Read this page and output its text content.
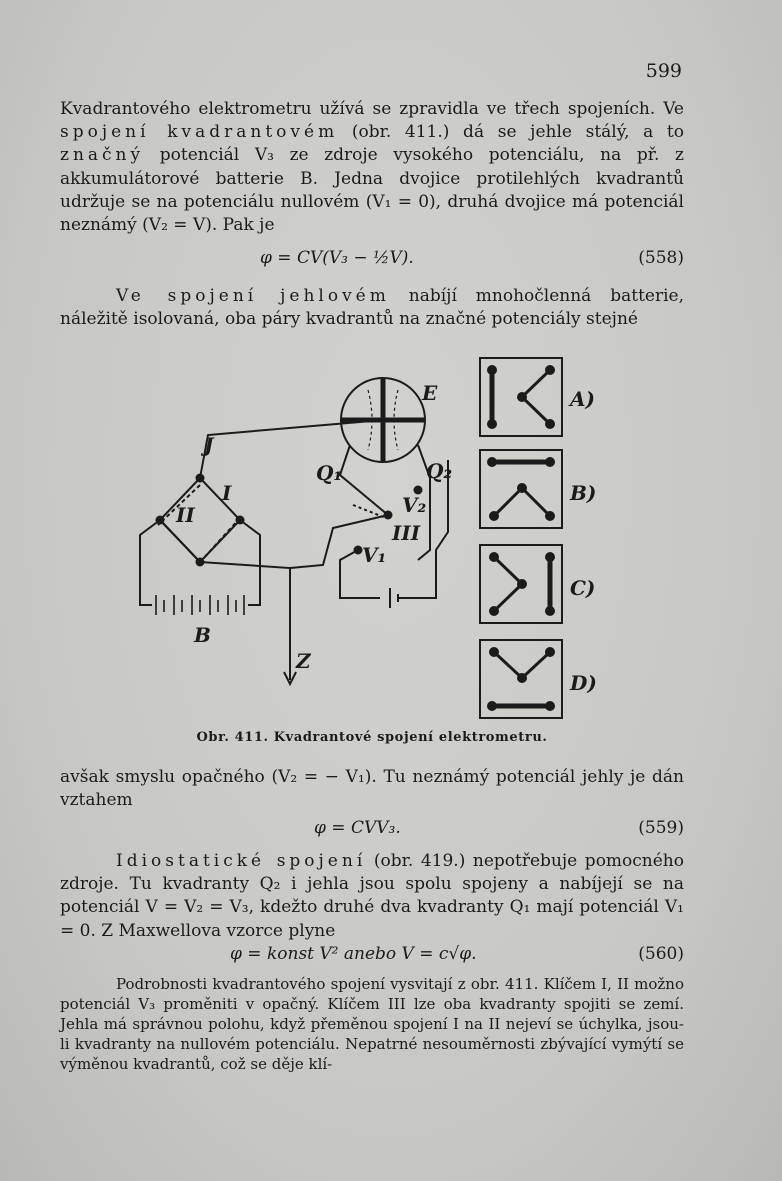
599

Kvadrantového elektrometru užívá se zpravidla ve třech spojeních. Ve spojení kvadrantovém (obr. 411.) dá se jehle stálý, a to značný potenciál V₃ ze zdroje vysokého potenciálu, na př. z akkumulátorové batterie B. Jedna dvojice protilehlých kvadrantů udržuje se na potenciálu nullovém (V₁ = 0), druhá dvojice má potenciál neznámý (V₂ = V). Pak je

φ = CV(V₃ − ½V).	(558)

Ve spojení jehlovém nabíjí mnohočlenná batterie, náležitě isolovaná, oba páry kvadrantů na značné potenciály stejné

E
J
I
II
Q₁	Q₂
V₂
III
V₁
B
Z
A)
B)
C)
D)
Obr. 411. Kvadrantové spojení elektrometru.

avšak smyslu opačného (V₂ = − V₁). Tu neznámý potenciál jehly je dán vztahem

φ = CVV₃.	(559)

Idiostatické spojení (obr. 419.) nepotřebuje pomocného zdroje. Tu kvadranty Q₂ i jehla jsou spolu spojeny a nabíjejí se na potenciál V = V₂ = V₃, kdežto druhé dva kvadranty Q₁ mají potenciál V₁ = 0. Z Maxwellova vzorce plyne

φ = konst V² anebo V = c√φ.	(560)

Podrobnosti kvadrantového spojení vysvitají z obr. 411. Klíčem I, II možno potenciál V₃ proměniti v opačný. Klíčem III lze oba kvadranty spojiti se zemí. Jehla má správnou polohu, když přeměnou spojení I na II nejeví se úchylka, jsou-li kvadranty na nullovém potenciálu. Nepatrné nesouměrnosti zbývající vymýtí se výměnou kvadrantů, což se děje klí-
